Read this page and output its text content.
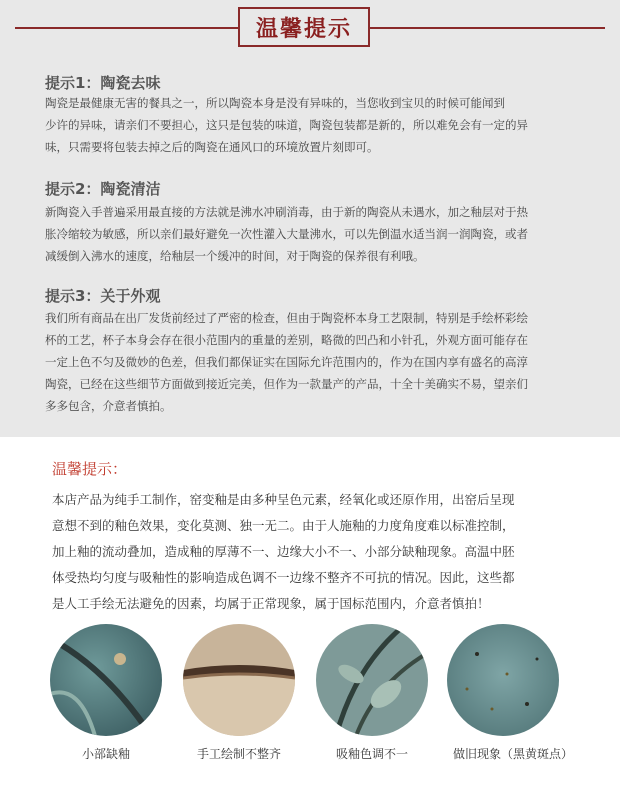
温馨提示
提示1：陶瓷去味
陶瓷是最健康无害的餐具之一，所以陶瓷本身是没有异味的，当您收到宝贝的时候可能闻到
少许的异味，请亲们不要担心，这只是包装的味道，陶瓷包装都是新的，所以难免会有一定的异
味，只需要将包装去掉之后的陶瓷在通风口的环境放置片刻即可。
提示2：陶瓷清洁
新陶瓷入手普遍采用最直接的方法就是沸水冲刷消毒，由于新的陶瓷从未遇水，加之釉层对于热
胀冷缩较为敏感，所以亲们最好避免一次性灌入大量沸水，可以先倒温水适当润一润陶瓷，或者
减缓倒入沸水的速度，给釉层一个缓冲的时间，对于陶瓷的保养很有利哦。
提示3：关于外观
我们所有商品在出厂发货前经过了严密的检查，但由于陶瓷杯本身工艺限制，特别是手绘杯彩绘
杯的工艺，杯子本身会存在很小范围内的重量的差别，略微的凹凸和小针孔，外观方面可能存在
一定上色不匀及微妙的色差，但我们都保证实在国际允许范围内的，作为在国内享有盛名的高淳
陶瓷，已经在这些细节方面做到接近完美，但作为一款量产的产品，十全十美确实不易，望亲们
多多包含，介意者慎拍。
温馨提示：
本店产品为纯手工制作，窑变釉是由多种呈色元素，经氧化或还原作用，出窑后呈现
意想不到的釉色效果，变化莫测、独一无二。由于人施釉的力度角度难以标准控制，
加上釉的流动叠加，造成釉的厚薄不一、边缘大小不一、小部分缺釉现象。高温中胚
体受热均匀度与吸釉性的影响造成色调不一边缘不整齐不可抗的情况。因此，这些都
是人工手绘无法避免的因素，均属于正常现象，属于国标范围内，介意者慎拍！
小部缺釉	手工绘制不整齐	吸釉色调不一	做旧现象（黑黄斑点）
